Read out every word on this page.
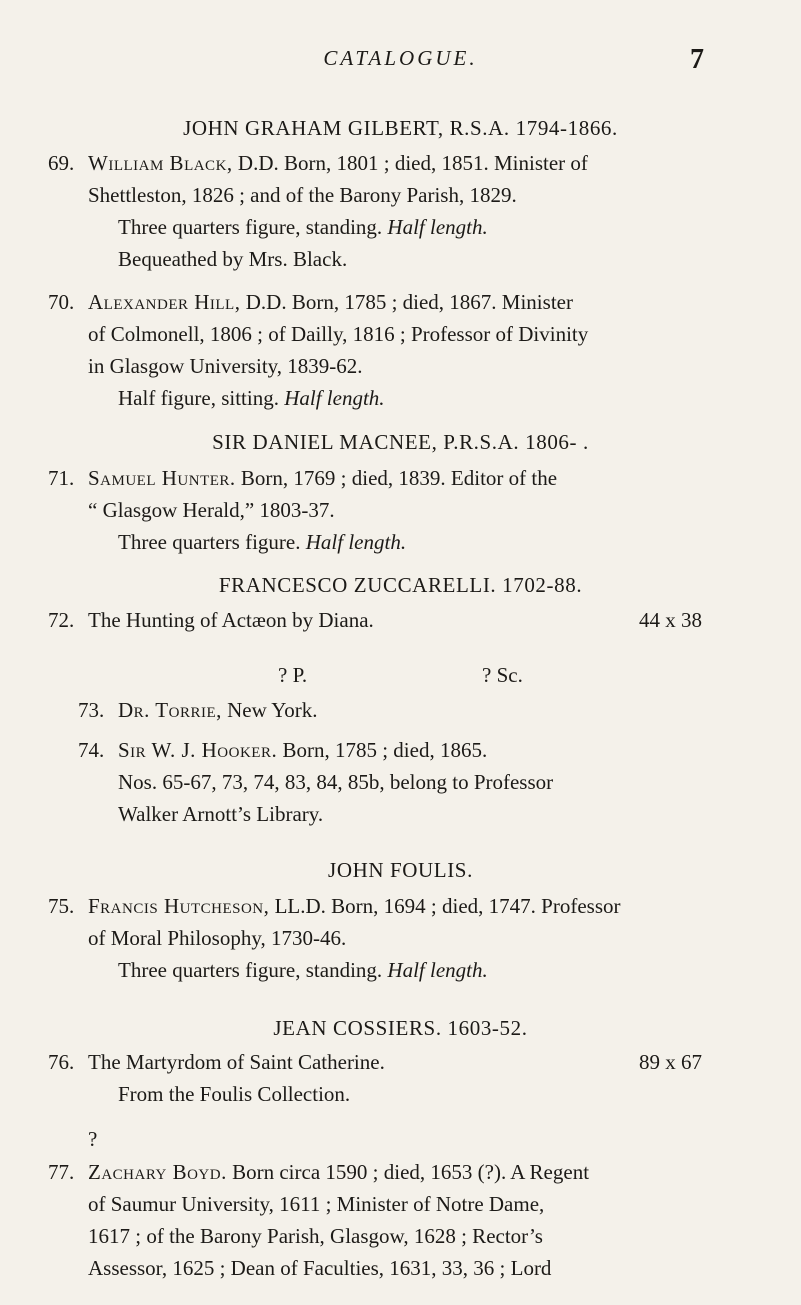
CATALOGUE.	7
JOHN GRAHAM GILBERT, R.S.A. 1794-1866.
69. William Black, D.D. Born, 1801 ; died, 1851. Minister of
Shettleston, 1826 ; and of the Barony Parish, 1829.
Three quarters figure, standing. Half length.
Bequeathed by Mrs. Black.
70. Alexander Hill, D.D. Born, 1785 ; died, 1867. Minister
of Colmonell, 1806 ; of Dailly, 1816 ; Professor of Divinity
in Glasgow University, 1839-62.
Half figure, sitting. Half length.
SIR DANIEL MACNEE, P.R.S.A. 1806- .
71. Samuel Hunter. Born, 1769 ; died, 1839. Editor of the
“ Glasgow Herald,” 1803-37.
Three quarters figure. Half length.
FRANCESCO ZUCCARELLI. 1702-88.
72. The Hunting of Actæon by Diana.	44 x 38
? P.	? Sc.
73. Dr. Torrie, New York.
74. Sir W. J. Hooker. Born, 1785 ; died, 1865.
Nos. 65-67, 73, 74, 83, 84, 85b, belong to Professor
Walker Arnott’s Library.
JOHN FOULIS.
75. Francis Hutcheson, LL.D. Born, 1694 ; died, 1747. Professor
of Moral Philosophy, 1730-46.
Three quarters figure, standing. Half length.
JEAN COSSIERS. 1603-52.
76. The Martyrdom of Saint Catherine.	89 x 67
From the Foulis Collection.
?
77. Zachary Boyd. Born circa 1590 ; died, 1653 (?). A Regent
of Saumur University, 1611 ; Minister of Notre Dame,
1617 ; of the Barony Parish, Glasgow, 1628 ; Rector’s
Assessor, 1625 ; Dean of Faculties, 1631, 33, 36 ; Lord
